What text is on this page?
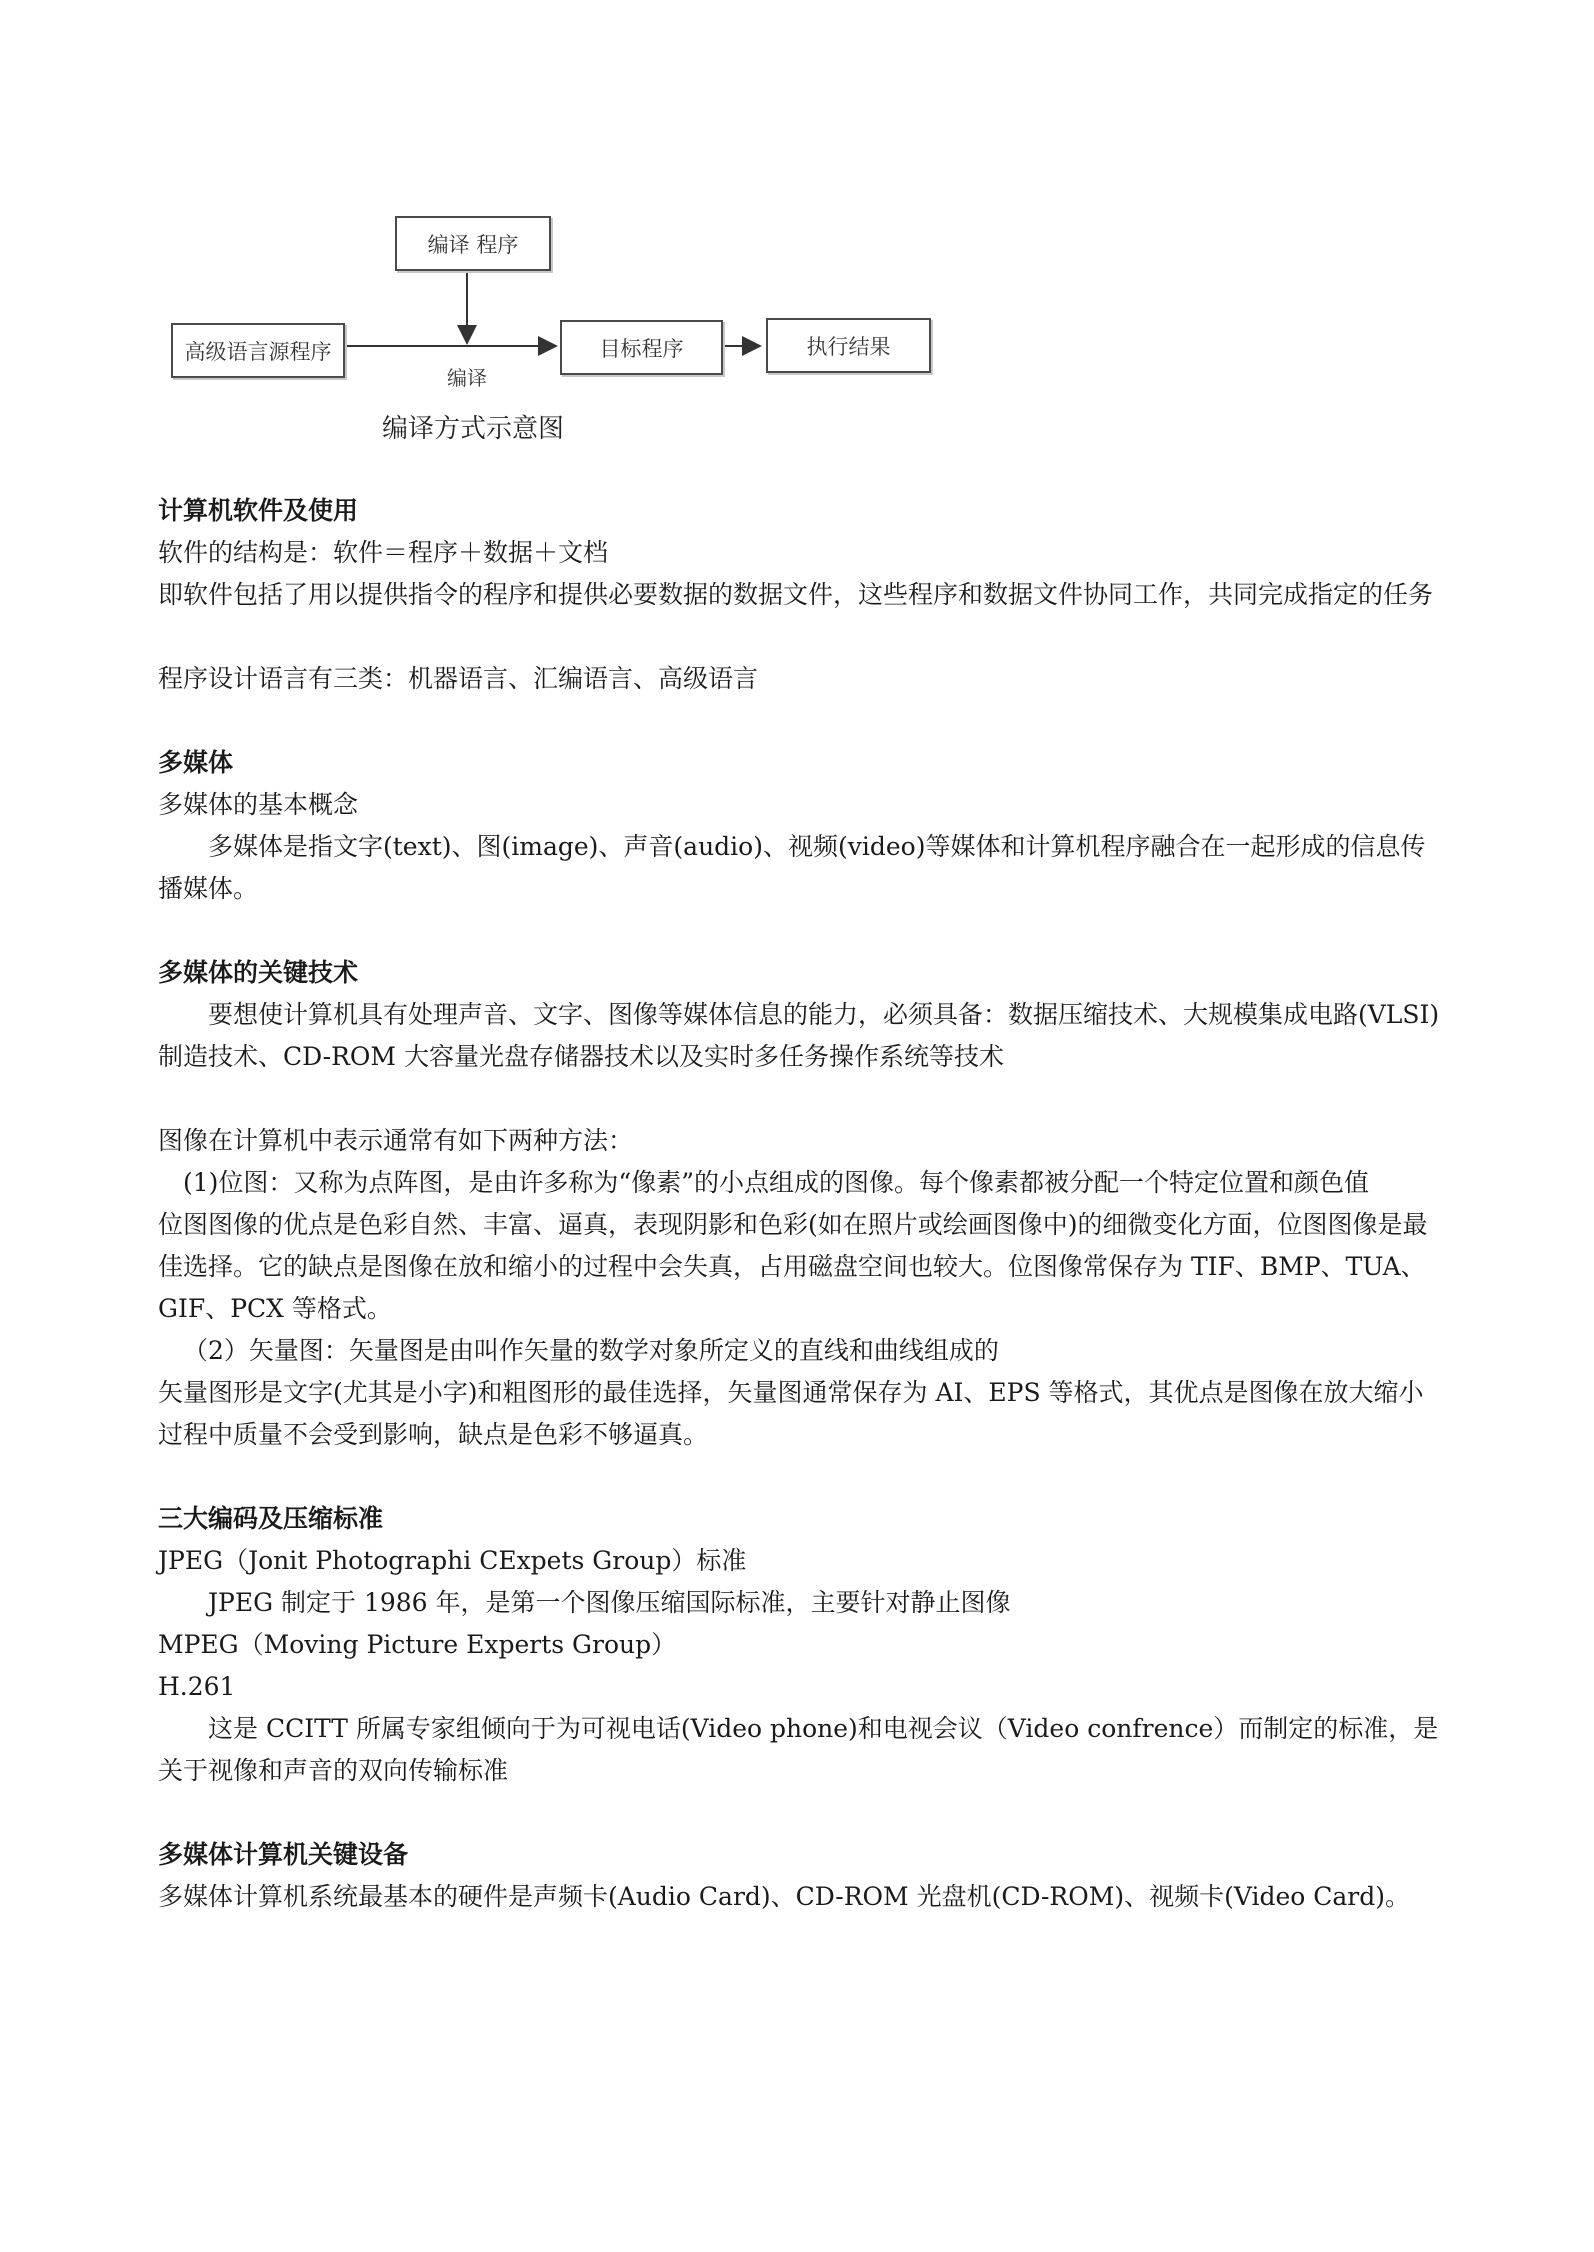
编译 程序
高级语言源程序
编译
目标程序	执行结果
编译方式示意图
计算机软件及使用

软件的结构是：软件＝程序＋数据＋文档

即软件包括了用以提供指令的程序和提供必要数据的数据文件，这些程序和数据文件协同工作，共同完成指定的任务

程序设计语言有三类：机器语言、汇编语言、高级语言

多媒体

多媒体的基本概念

多媒体是指文字(text)、图(image)、声音(audio)、视频(video)等媒体和计算机程序融合在一起形成的信息传播媒体。

多媒体的关键技术

要想使计算机具有处理声音、文字、图像等媒体信息的能力，必须具备：数据压缩技术、大规模集成电路(VLSI)制造技术、CD-ROM 大容量光盘存储器技术以及实时多任务操作系统等技术

图像在计算机中表示通常有如下两种方法：

(1)位图：又称为点阵图，是由许多称为“像素”的小点组成的图像。每个像素都被分配一个特定位置和颜色值

位图图像的优点是色彩自然、丰富、逼真，表现阴影和色彩(如在照片或绘画图像中)的细微变化方面，位图图像是最佳选择。它的缺点是图像在放和缩小的过程中会失真，占用磁盘空间也较大。位图像常保存为 TIF、BMP、TUA、GIF、PCX 等格式。

（2）矢量图：矢量图是由叫作矢量的数学对象所定义的直线和曲线组成的

矢量图形是文字(尤其是小字)和粗图形的最佳选择，矢量图通常保存为 AI、EPS 等格式，其优点是图像在放大缩小过程中质量不会受到影响，缺点是色彩不够逼真。

三大编码及压缩标准

JPEG（Jonit Photographi CExpets Group）标准

JPEG 制定于 1986 年，是第一个图像压缩国际标准，主要针对静止图像

MPEG（Moving Picture Experts Group）

H.261

这是 CCITT 所属专家组倾向于为可视电话(Video phone)和电视会议（Video confrence）而制定的标准，是关于视像和声音的双向传输标准

多媒体计算机关键设备

多媒体计算机系统最基本的硬件是声频卡(Audio Card)、CD-ROM 光盘机(CD-ROM)、视频卡(Video Card)。
